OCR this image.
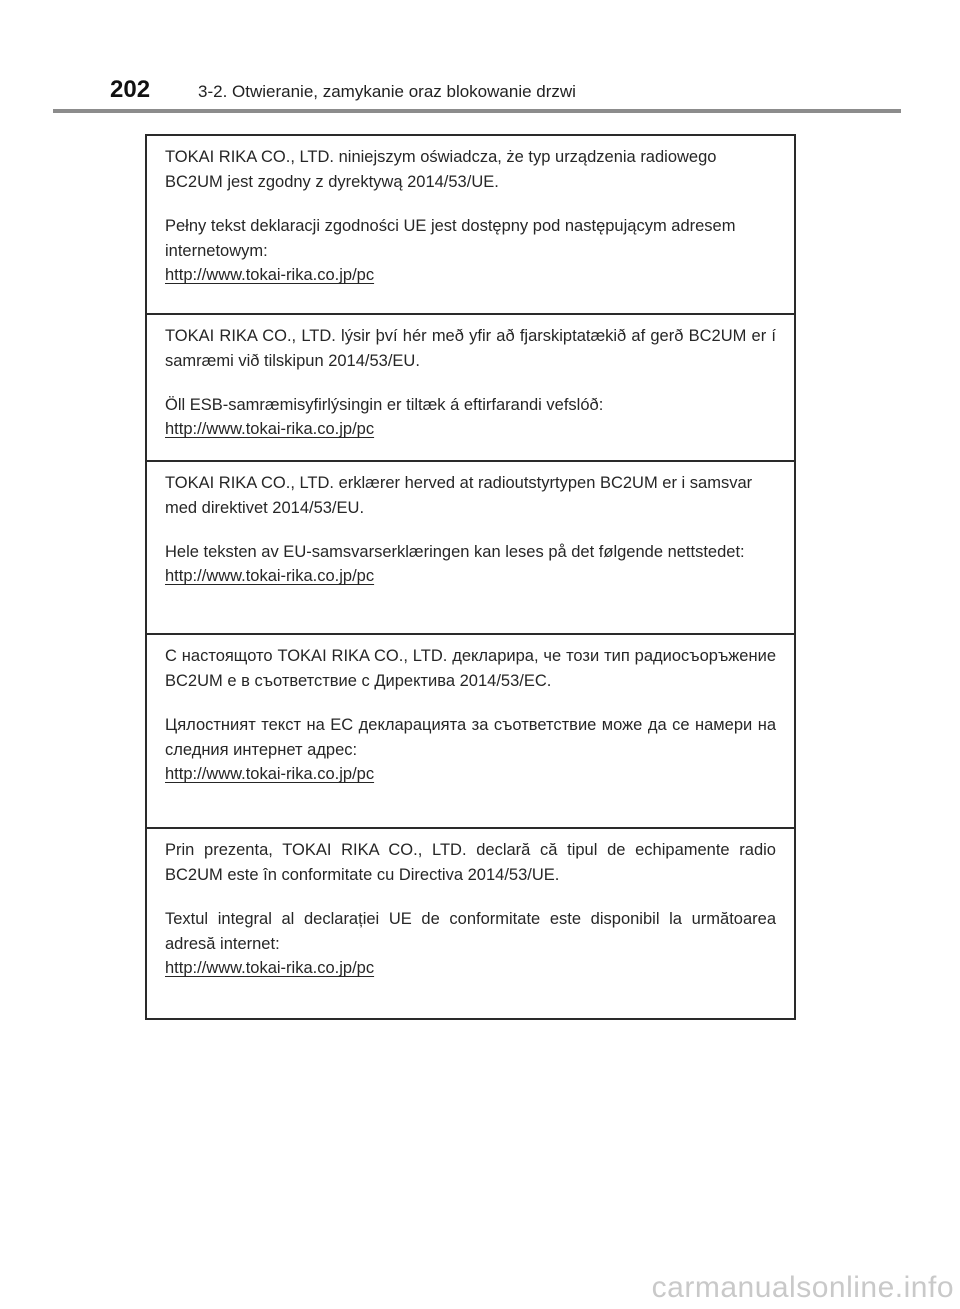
202	3-2. Otwieranie, zamykanie oraz blokowanie drzwi

TOKAI RIKA CO., LTD. niniejszym oświadcza, że typ urządzenia radiowego BC2UM jest zgodny z dyrektywą 2014/53/UE.

Pełny tekst deklaracji zgodności UE jest dostępny pod następującym adresem internetowym:

http://www.tokai-rika.co.jp/pc

TOKAI RIKA CO., LTD. lýsir því hér með yfir að fjarskiptatækið af gerð BC2UM er í samræmi við tilskipun 2014/53/EU.

Öll ESB-samræmisyfirlýsingin er tiltæk á eftirfarandi vefslóð:

http://www.tokai-rika.co.jp/pc

TOKAI RIKA CO., LTD. erklærer herved at radioutstyrtypen BC2UM er i samsvar med direktivet 2014/53/EU.

Hele teksten av EU-samsvarserklæringen kan leses på det følgende nettstedet:

http://www.tokai-rika.co.jp/pc

С настоящото TOKAI RIKA CO., LTD. декларира, че този тип радиосъоръжение BC2UM е в съответствие с Директива 2014/53/ЕС.

Цялостният текст на ЕС декларацията за съответствие може да се намери на следния интернет адрес:

http://www.tokai-rika.co.jp/pc

Prin prezenta, TOKAI RIKA CO., LTD. declară că tipul de echipamente radio BC2UM este în conformitate cu Directiva 2014/53/UE.

Textul integral al declarației UE de conformitate este disponibil la următoarea adresă internet:

http://www.tokai-rika.co.jp/pc
carmanualsonline.info
